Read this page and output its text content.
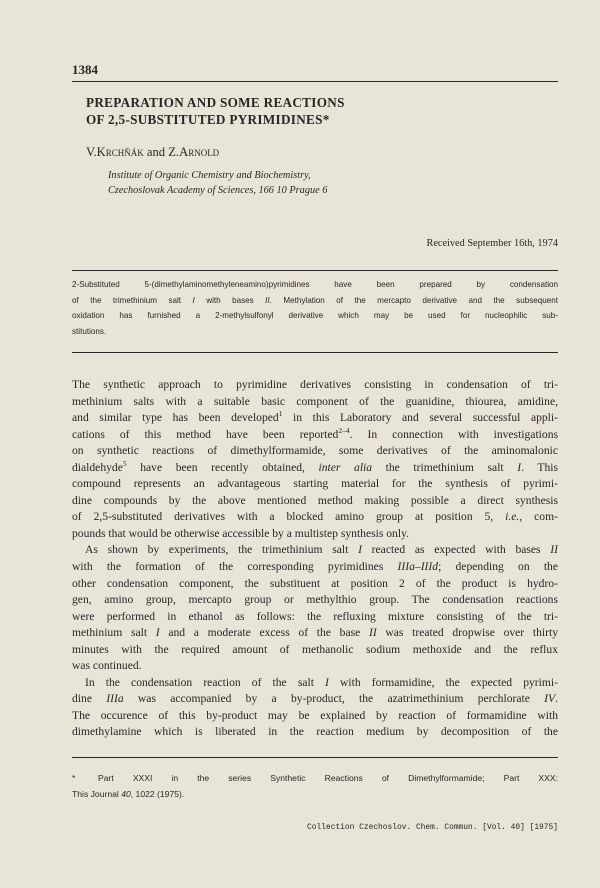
1384
PREPARATION AND SOME REACTIONS
OF 2,5-SUBSTITUTED PYRIMIDINES*
V.Krchňák and Z.Arnold
Institute of Organic Chemistry and Biochemistry,
Czechoslovak Academy of Sciences, 166 10 Prague 6
Received September 16th, 1974
2-Substituted 5-(dimethylaminomethyleneamino)pyrimidines have been prepared by condensation
of the trimethinium salt I with bases II. Methylation of the mercapto derivative and the subsequent
oxidation has furnished a 2-methylsulfonyl derivative which may be used for nucleophilic sub-
stitutions.
The synthetic approach to pyrimidine derivatives consisting in condensation of tri-
methinium salts with a suitable basic component of the guanidine, thiourea, amidine,
and similar type has been developed$^1$ in this Laboratory and several successful appli-
cations of this method have been reported$^{2-4}$. In connection with investigations
on synthetic reactions of dimethylformamide, some derivatives of the aminomalonic
dialdehyde$^5$ have been recently obtained, inter alia the trimethinium salt I. This
compound represents an advantageous starting material for the synthesis of pyrimi-
dine compounds by the above mentioned method making possible a direct synthesis
of 2,5-substituted derivatives with a blocked amino group at position 5, i.e., com-
pounds that would be otherwise accessible by a multistep synthesis only.
As shown by experiments, the trimethinium salt I reacted as expected with bases II
with the formation of the corresponding pyrimidines IIIa–IIId; depending on the
other condensation component, the substituent at position 2 of the product is hydro-
gen, amino group, mercapto group or methylthio group. The condensation reactions
were performed in ethanol as follows: the refluxing mixture consisting of the tri-
methinium salt I and a moderate excess of the base II was treated dropwise over thirty
minutes with the required amount of methanolic sodium methoxide and the reflux
was continued.
In the condensation reaction of the salt I with formamidine, the expected pyrimi-
dine IIIa was accompanied by a by-product, the azatrimethinium perchlorate IV.
The occurence of this by-product may be explained by reaction of formamidine with
dimethylamine which is liberated in the reaction medium by decomposition of the
*	Part XXXI in the series Synthetic Reactions of Dimethylformamide; Part XXX:
This Journal 40, 1022 (1975).
Collection Czechoslov. Chem. Commun. [Vol. 40] [1975]
